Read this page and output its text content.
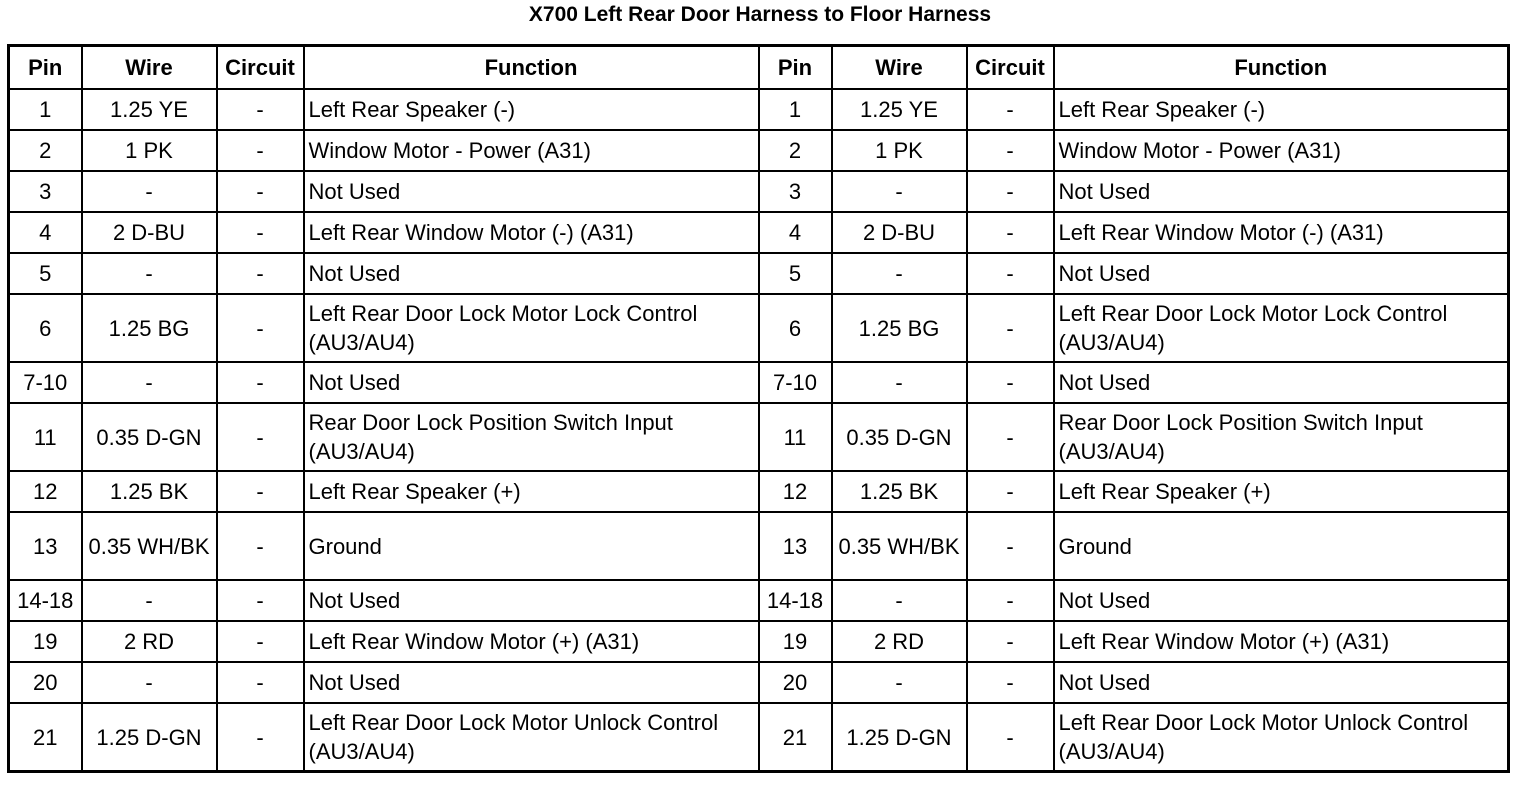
X700 Left Rear Door Harness to Floor Harness
Pin	Wire	Circuit	Function	Pin	Wire	Circuit	Function
1	1.25 YE	-	Left Rear Speaker (-)	1	1.25 YE	-	Left Rear Speaker (-)
2	1 PK	-	Window Motor - Power (A31)	2	1 PK	-	Window Motor - Power (A31)
3	-	-	Not Used	3	-	-	Not Used
4	2 D-BU	-	Left Rear Window Motor (-) (A31)	4	2 D-BU	-	Left Rear Window Motor (-) (A31)
5	-	-	Not Used	5	-	-	Not Used
6	1.25 BG	-	Left Rear Door Lock Motor Lock Control (AU3/AU4)	6	1.25 BG	-	Left Rear Door Lock Motor Lock Control (AU3/AU4)
7-10	-	-	Not Used	7-10	-	-	Not Used
11	0.35 D-GN	-	Rear Door Lock Position Switch Input (AU3/AU4)	11	0.35 D-GN	-	Rear Door Lock Position Switch Input (AU3/AU4)
12	1.25 BK	-	Left Rear Speaker (+)	12	1.25 BK	-	Left Rear Speaker (+)
13	0.35 WH/BK	-	Ground	13	0.35 WH/BK	-	Ground
14-18	-	-	Not Used	14-18	-	-	Not Used
19	2 RD	-	Left Rear Window Motor (+) (A31)	19	2 RD	-	Left Rear Window Motor (+) (A31)
20	-	-	Not Used	20	-	-	Not Used
21	1.25 D-GN	-	Left Rear Door Lock Motor Unlock Control (AU3/AU4)	21	1.25 D-GN	-	Left Rear Door Lock Motor Unlock Control (AU3/AU4)
